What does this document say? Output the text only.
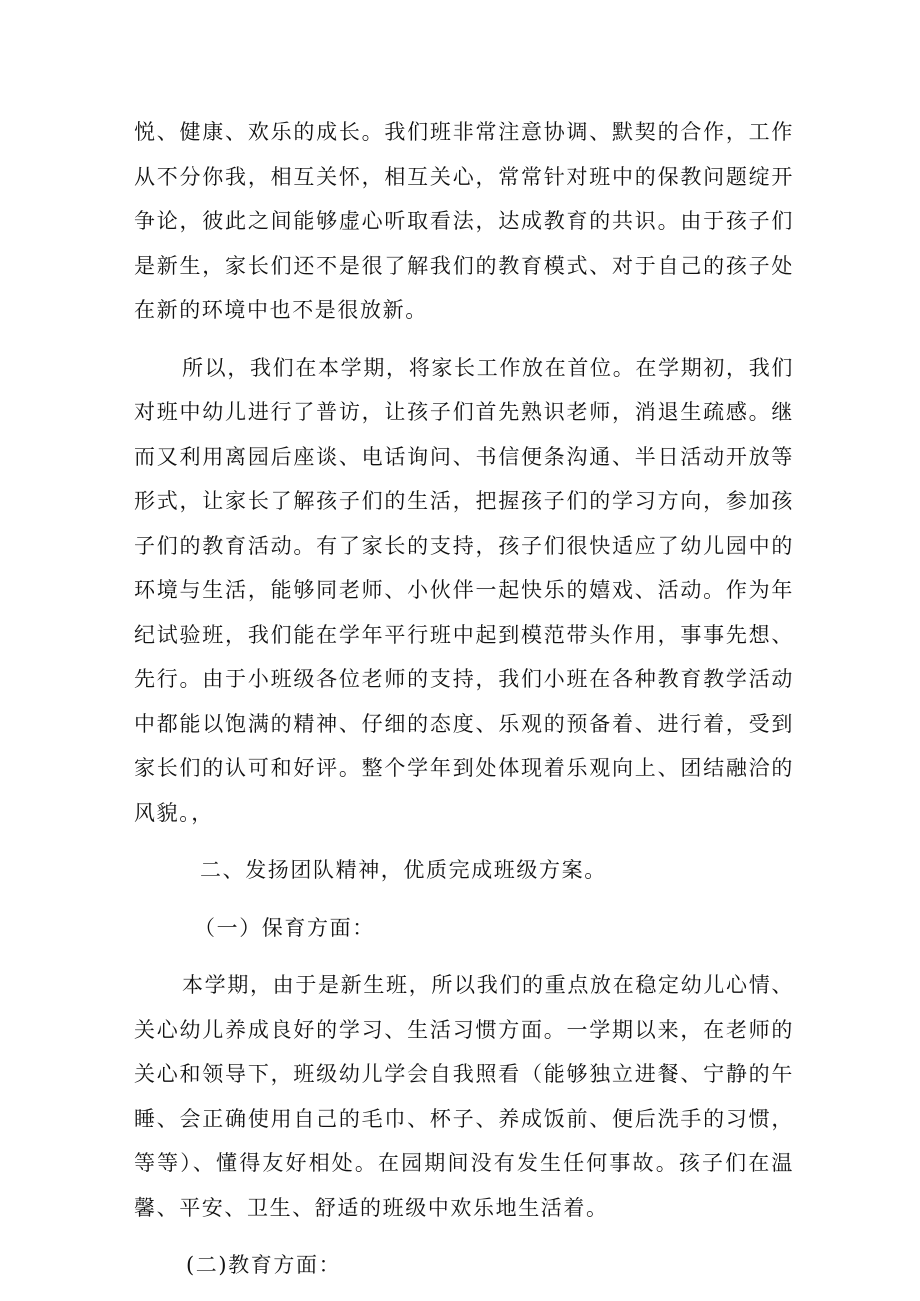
悦、健康、欢乐的成长。我们班非常注意协调、默契的合作，工作从不分你我，相互关怀，相互关心，常常针对班中的保教问题绽开争论，彼此之间能够虚心听取看法，达成教育的共识。由于孩子们是新生，家长们还不是很了解我们的教育模式、对于自己的孩子处在新的环境中也不是很放新。

所以，我们在本学期，将家长工作放在首位。在学期初，我们对班中幼儿进行了普访，让孩子们首先熟识老师，消退生疏感。继而又利用离园后座谈、电话询问、书信便条沟通、半日活动开放等形式，让家长了解孩子们的生活，把握孩子们的学习方向，参加孩子们的教育活动。有了家长的支持，孩子们很快适应了幼儿园中的环境与生活，能够同老师、小伙伴一起快乐的嬉戏、活动。作为年纪试验班，我们能在学年平行班中起到模范带头作用，事事先想、先行。由于小班级各位老师的支持，我们小班在各种教育教学活动中都能以饱满的精神、仔细的态度、乐观的预备着、进行着，受到家长们的认可和好评。整个学年到处体现着乐观向上、团结融洽的风貌。，

二、发扬团队精神，优质完成班级方案。

（一）保育方面：

本学期，由于是新生班，所以我们的重点放在稳定幼儿心情、关心幼儿养成良好的学习、生活习惯方面。一学期以来，在老师的关心和领导下，班级幼儿学会自我照看（能够独立进餐、宁静的午睡、会正确使用自己的毛巾、杯子、养成饭前、便后洗手的习惯，等等）、懂得友好相处。在园期间没有发生任何事故。孩子们在温馨、平安、卫生、舒适的班级中欢乐地生活着。

(二)教育方面：
